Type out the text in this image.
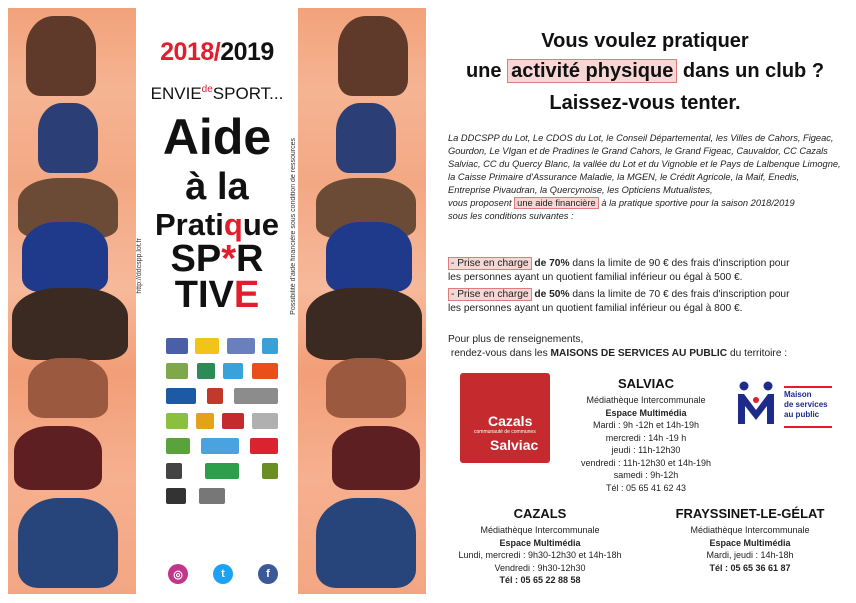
2018/2019
$ENVIE^{de}SPORT$...
Aide
à la
Pratique
SP*R
TIVE	Possibilité d'aide financière sous condition de ressources
http://ddcspp.lot.fr
◎	t	f
Vous voulez pratiquer
une activité physique dans un club ?
Laissez-vous tenter.
La DDCSPP du Lot, Le CDOS du Lot, le Conseil Départemental, les Villes de Cahors, Figeac, Gourdon, Le VIgan et de Pradines le Grand Cahors, le Grand Figeac, Cauvaldor, CC Cazals Salviac, CC du Quercy Blanc, la vallée du Lot et du Vignoble et le Pays de Lalbenque Limogne, la Caisse Primaire d'Assurance Maladie, la MGEN, le Crédit Agricole, la Maif, Enedis, Entreprise Pivaudran, la Quercynoise, les Opticiens Mutualistes,
vous proposent une aide financière à la pratique sportive pour la saison 2018/2019
sous les conditions suivantes :
- Prise en charge de 70% dans la limite de 90 € des frais d'inscription pour
les personnes ayant un quotient familial inférieur ou égal à 500 €.
- Prise en charge de 50% dans la limite de 70 € des frais d'inscription pour
les personnes ayant un quotient familial inférieur ou égal à 800 €.
Pour plus de renseignements,
rendez-vous dans les MAISONS DE SERVICES AU PUBLIC du territoire :
Cazals
communauté de communes
Salviac
SALVIAC
Médiathèque Intercommunale
Espace Multimédia
Mardi : 9h -12h et 14h-19h
mercredi : 14h -19 h
jeudi : 11h-12h30
vendredi : 11h-12h30 et 14h-19h
samedi : 9h-12h
Tél : 05 65 41 62 43
Maison
de services
au public
CAZALS
Médiathèque Intercommunale
Espace Multimédia
Lundi, mercredi : 9h30-12h30 et 14h-18h
Vendredi : 9h30-12h30
Tél : 05 65 22 88 58
FRAYSSINET-LE-GÉLAT
Médiathèque Intercommunale
Espace Multimédia
Mardi, jeudi : 14h-18h
Tél : 05 65 36 61 87
